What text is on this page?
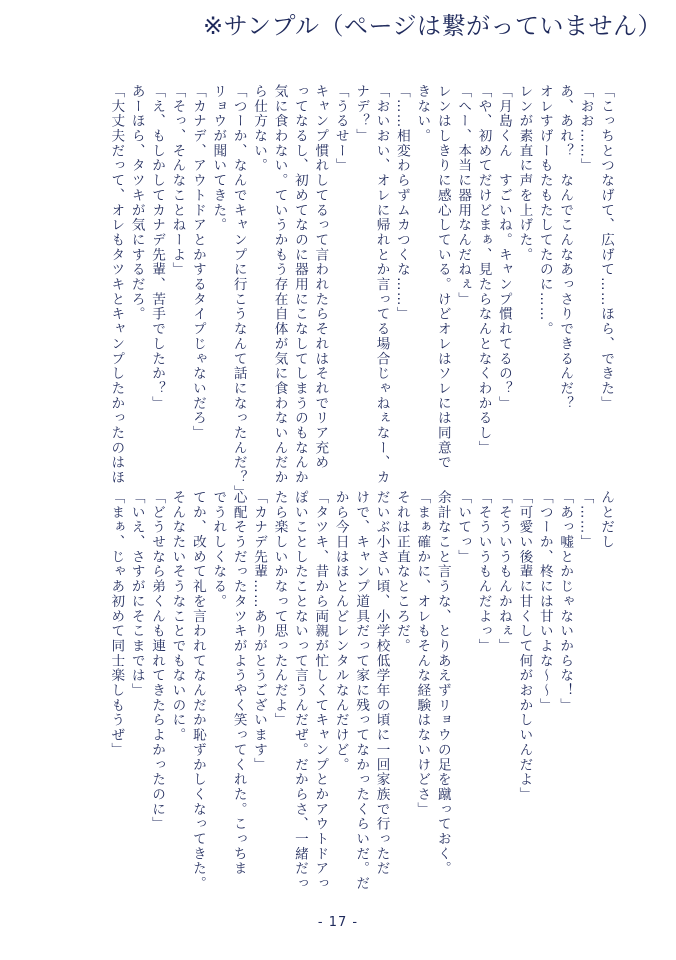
※サンプル（ページは繋がっていません）
「こっちとつなげて、広げて……ほら、できた」
「おお……」
あ、あれ？　なんでこんなあっさりできるんだ？
オレすげーもたもたしてたのに……。
レンが素直に声を上げた。
「月島くん　すごいね。キャンプ慣れてるの？」
「や、初めてだけどまぁ、見たらなんとなくわかるし」
「へー、本当に器用なんだねぇ」
レンはしきりに感心している。けどオレはソレには同意で
きない。
「……相変わらずムカつくな……」
「おいおい、オレに帰れとか言ってる場合じゃねぇなー、カ
ナデ？」
「うるせー」
キャンプ慣れしてるって言われたらそれはそれでリア充め
ってなるし、初めてなのに器用にこなしてしまうのもなんか
気に食わない。ていうかもう存在自体が気に食わないんだか
ら仕方ない。
「つーか、なんでキャンプに行こうなんて話になったんだ？」
リョウが聞いてきた。
「カナデ、アウトドアとかするタイプじゃないだろ」
「そっ、そんなことねーよ」
「え、もしかしてカナデ先輩、苦手でしたか？」
あーほら、タツキが気にするだろ。
「大丈夫だって、オレもタツキとキャンプしたかったのはほ
んとだし
「……」
「あっ嘘とかじゃないからな！」
「つーか、柊には甘いよな～～」
「可愛い後輩に甘くして何がおかしいんだよ」
「そういうもんかねぇ」
「そういうもんだよっ」
「いてっ」
余計なこと言うな、とりあえずリョウの足を蹴っておく。
「まぁ確かに、オレもそんな経験はないけどさ」
それは正直なところだ。
だいぶ小さい頃、小学校低学年の頃に一回家族で行っただ
けで、キャンプ道具だって家に残ってなかったくらいだ。だ
から今日はほとんどレンタルなんだけど。
「タツキ、昔から両親が忙しくてキャンプとかアウトドアっ
ぽいことしたことないって言うんだぜ。だからさ、一緒だっ
たら楽しいかなって思ったんだよ」
「カナデ先輩……ありがとうございます」
心配そうだったタツキがようやく笑ってくれた。こっちま
でうれしくなる。
てか、改めて礼を言われてなんだか恥ずかしくなってきた。
そんなたいそうなことでもないのに。
「どうせなら弟くんも連れてきたらよかったのに」
「いえ、さすがにそこまでは」
「まぁ、じゃあ初めて同士楽しもうぜ」
- 17 -
